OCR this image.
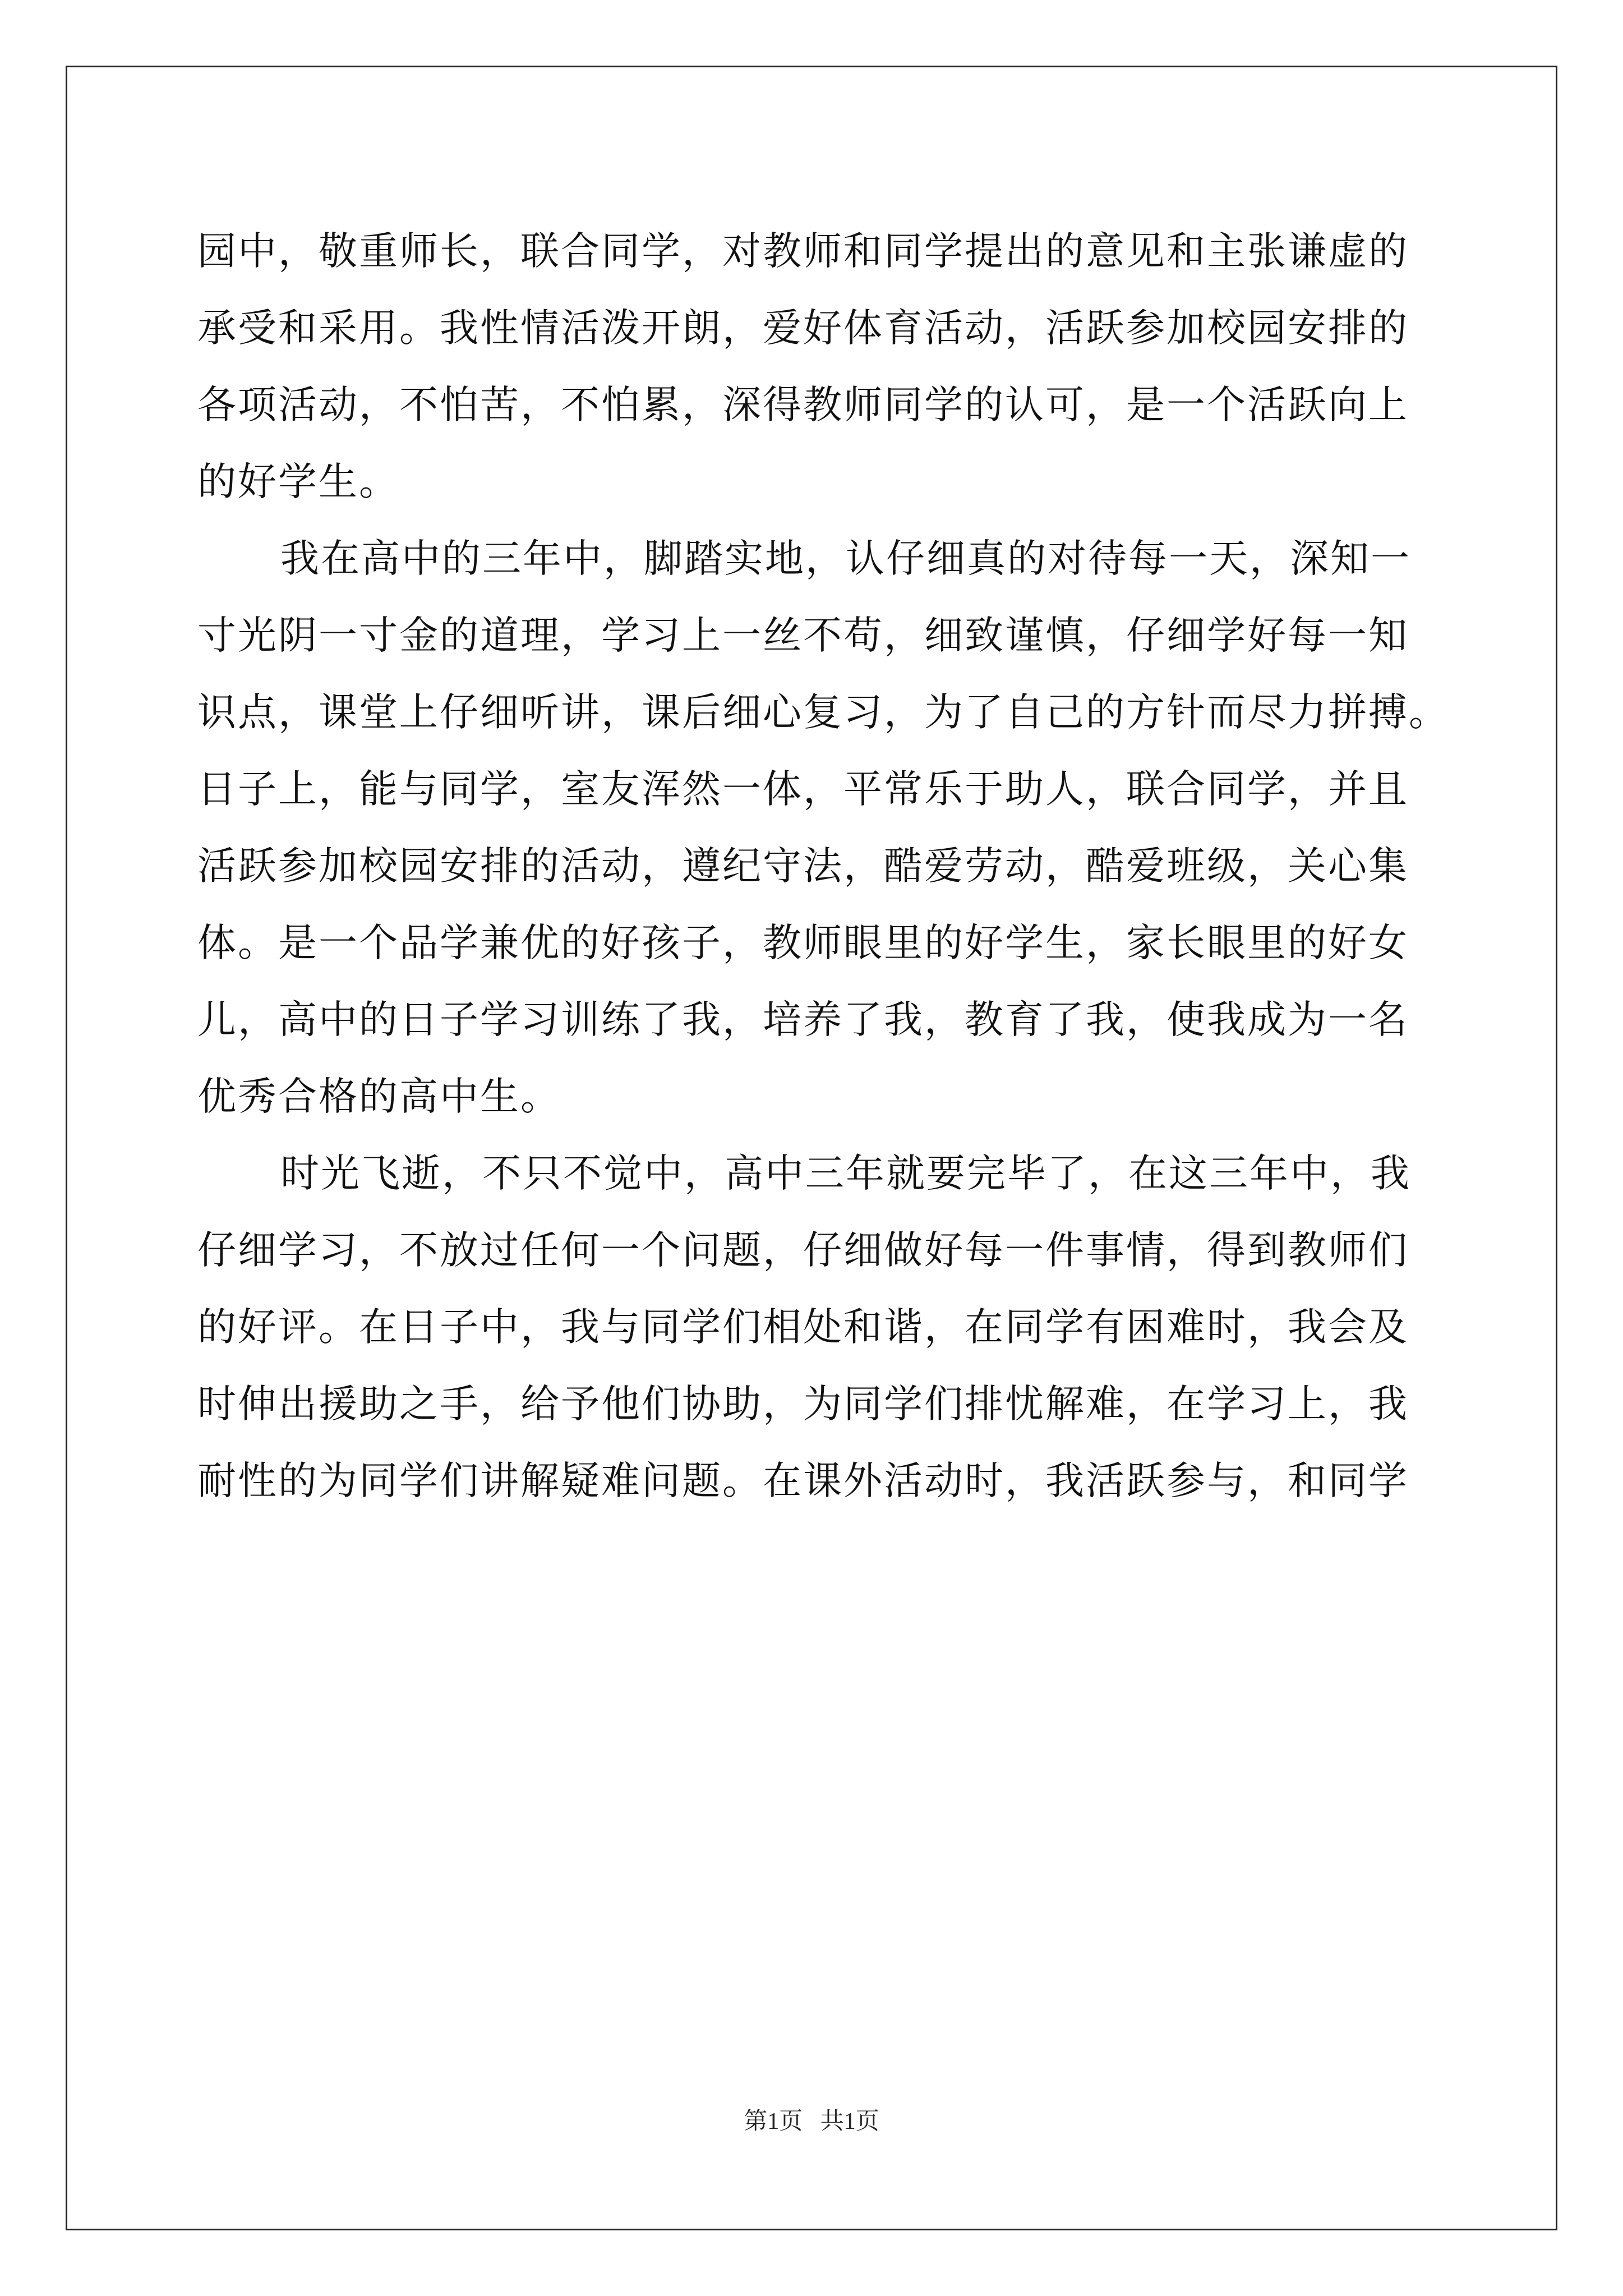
园中，敬重师长，联合同学，对教师和同学提出的意见和主张谦虚的
承受和采用。我性情活泼开朗，爱好体育活动，活跃参加校园安排的
各项活动，不怕苦，不怕累，深得教师同学的认可，是一个活跃向上
的好学生。
我在高中的三年中，脚踏实地，认仔细真的对待每一天，深知一
寸光阴一寸金的道理，学习上一丝不苟，细致谨慎，仔细学好每一知
识点，课堂上仔细听讲，课后细心复习，为了自己的方针而尽力拼搏。
日子上，能与同学，室友浑然一体，平常乐于助人，联合同学，并且
活跃参加校园安排的活动，遵纪守法，酷爱劳动，酷爱班级，关心集
体。是一个品学兼优的好孩子，教师眼里的好学生，家长眼里的好女
儿，高中的日子学习训练了我，培养了我，教育了我，使我成为一名
优秀合格的高中生。
时光飞逝，不只不觉中，高中三年就要完毕了，在这三年中，我
仔细学习，不放过任何一个问题，仔细做好每一件事情，得到教师们
的好评。在日子中，我与同学们相处和谐，在同学有困难时，我会及
时伸出援助之手，给予他们协助，为同学们排忧解难，在学习上，我
耐性的为同学们讲解疑难问题。在课外活动时，我活跃参与，和同学
第1页   共1页
